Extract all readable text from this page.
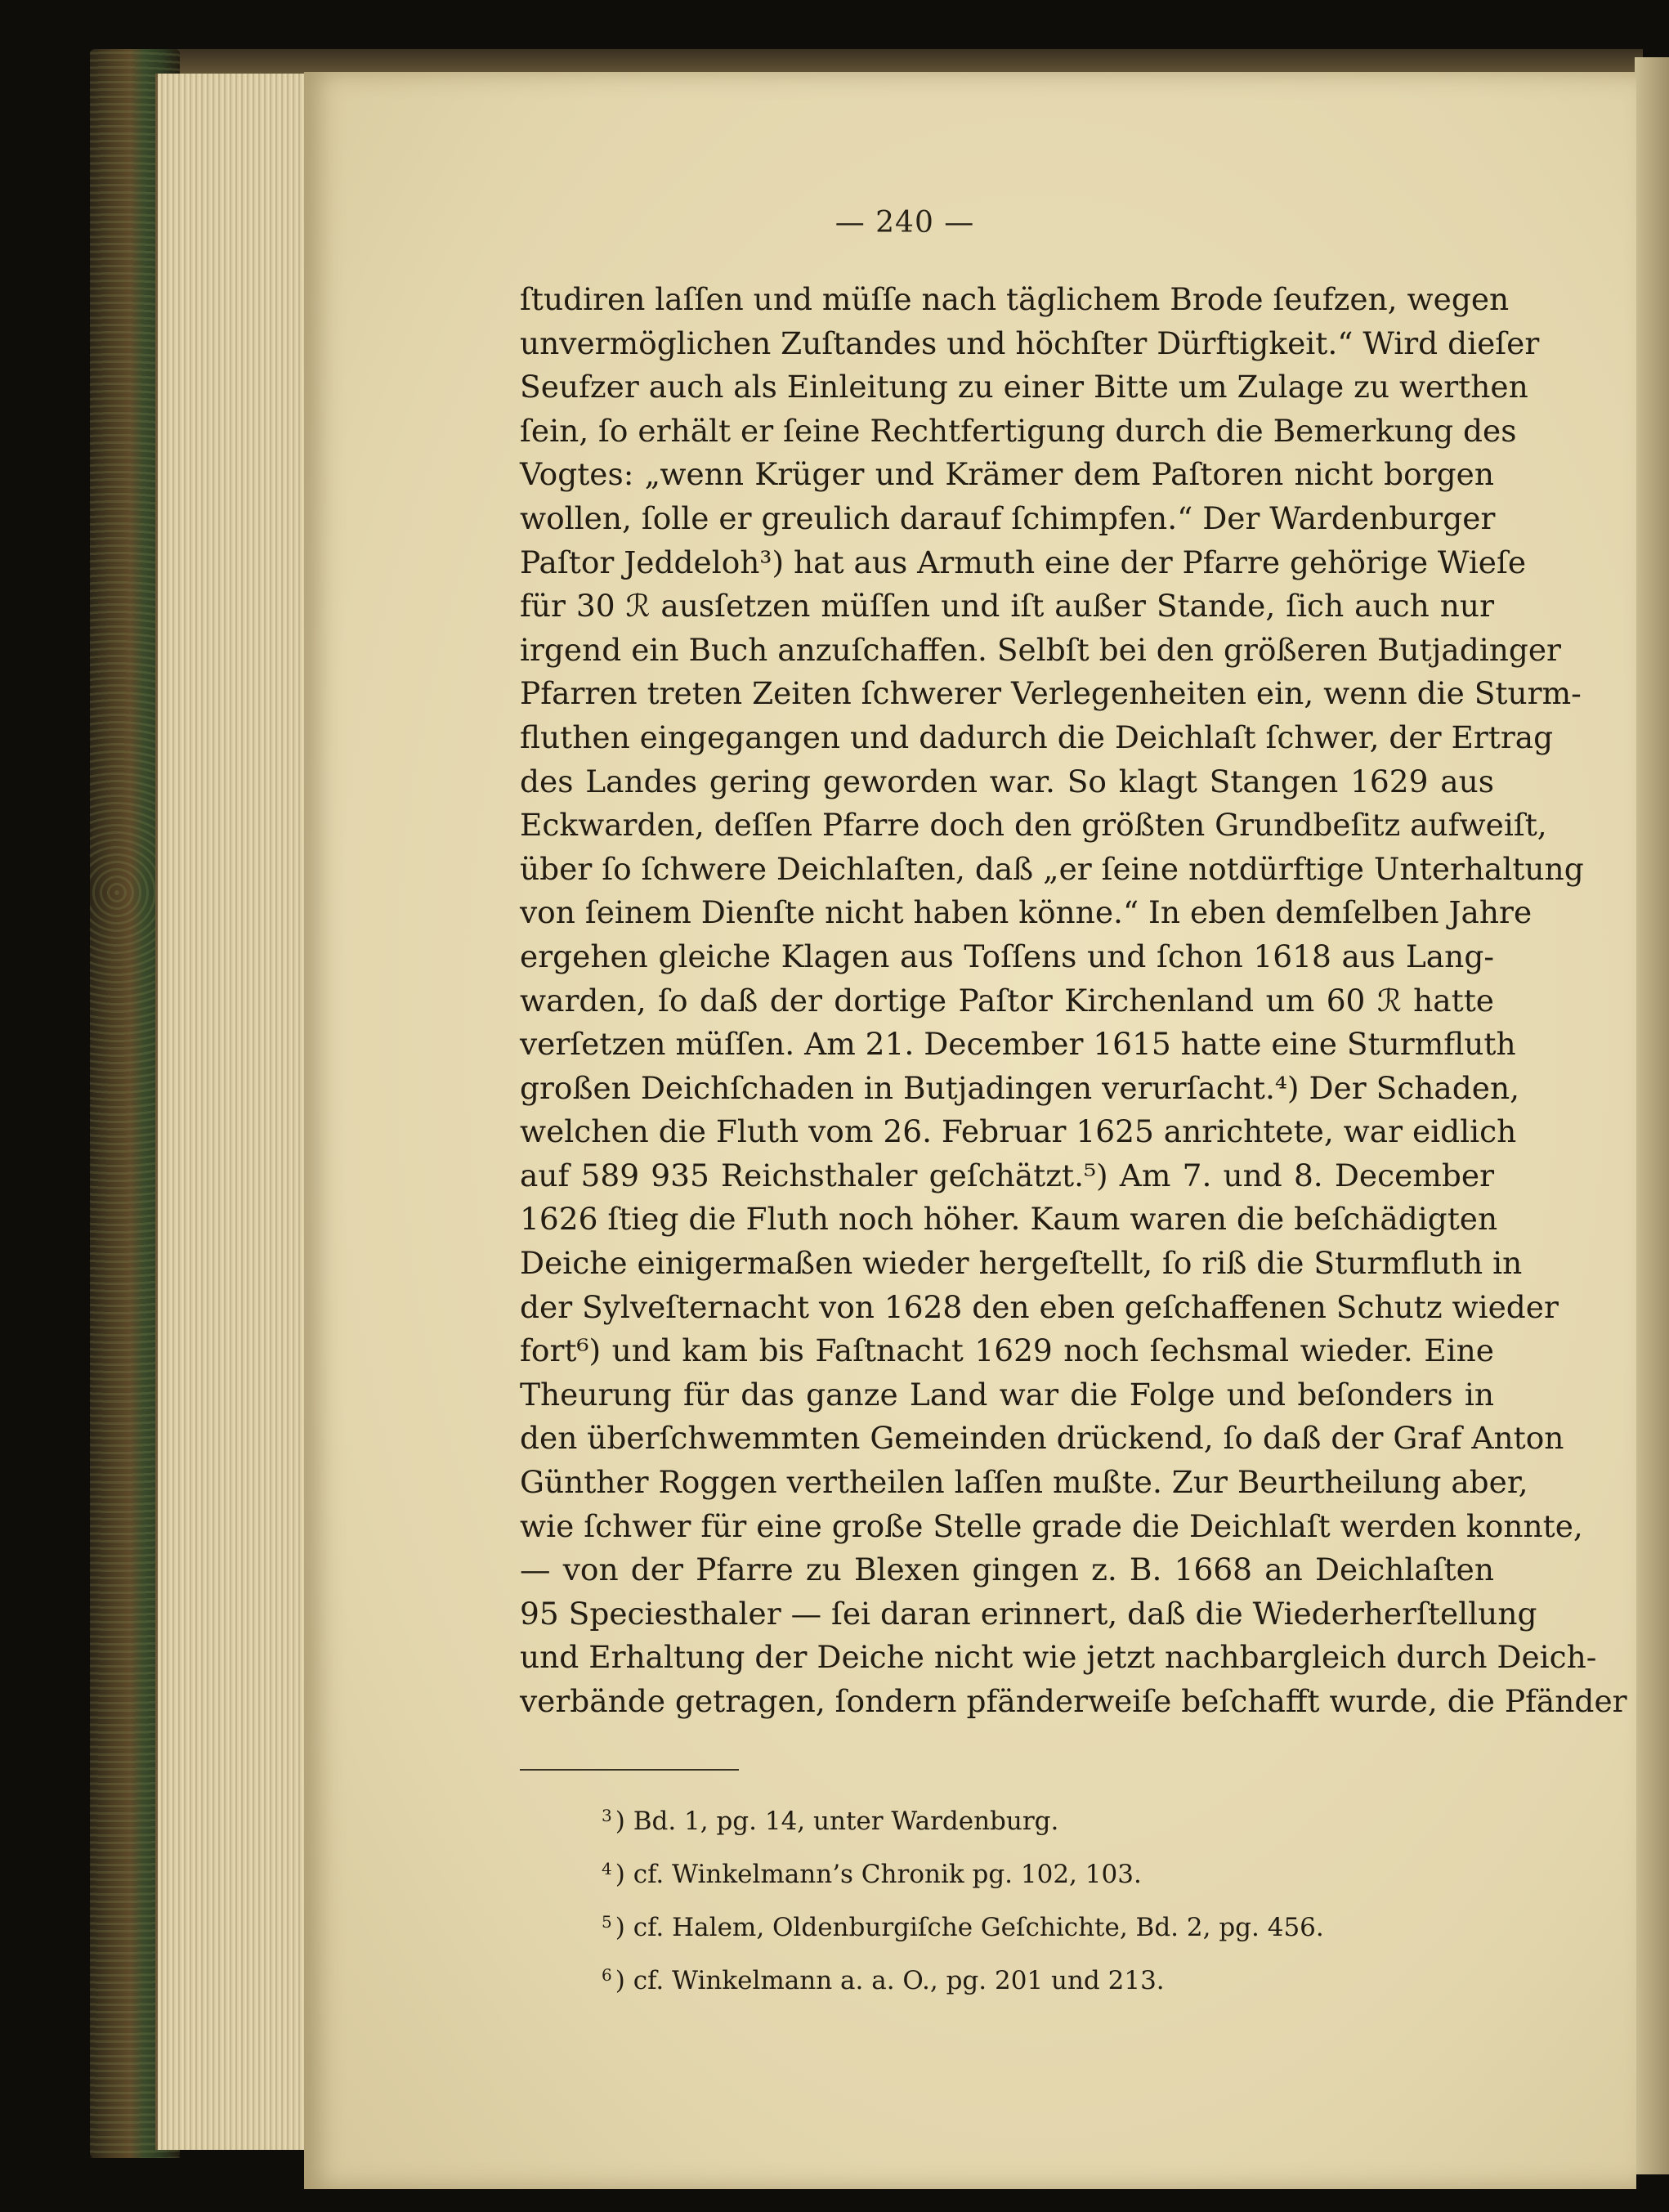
— 240 —
ſtudiren laſſen und müſſe nach täglichem Brode ſeufzen, wegen
unvermöglichen Zuſtandes und höchſter Dürftigkeit.“ Wird dieſer
Seufzer auch als Einleitung zu einer Bitte um Zulage zu werthen
ſein, ſo erhält er ſeine Rechtfertigung durch die Bemerkung des
Vogtes: „wenn Krüger und Krämer dem Paſtoren nicht borgen
wollen, ſolle er greulich darauf ſchimpfen.“ Der Wardenburger
Paſtor Jeddeloh³) hat aus Armuth eine der Pfarre gehörige Wieſe
für 30 ℛ︎ ausſetzen müſſen und iſt außer Stande, ſich auch nur
irgend ein Buch anzuſchaffen. Selbſt bei den größeren Butjadinger
Pfarren treten Zeiten ſchwerer Verlegenheiten ein, wenn die Sturm-
fluthen eingegangen und dadurch die Deichlaſt ſchwer, der Ertrag
des Landes gering geworden war. So klagt Stangen 1629 aus
Eckwarden, deſſen Pfarre doch den größten Grundbeſitz aufweiſt,
über ſo ſchwere Deichlaſten, daß „er ſeine notdürftige Unterhaltung
von ſeinem Dienſte nicht haben könne.“ In eben demſelben Jahre
ergehen gleiche Klagen aus Toſſens und ſchon 1618 aus Lang-
warden, ſo daß der dortige Paſtor Kirchenland um 60 ℛ︎ hatte
verſetzen müſſen. Am 21. December 1615 hatte eine Sturmfluth
großen Deichſchaden in Butjadingen verurſacht.⁴) Der Schaden,
welchen die Fluth vom 26. Februar 1625 anrichtete, war eidlich
auf 589 935 Reichsthaler geſchätzt.⁵) Am 7. und 8. December
1626 ſtieg die Fluth noch höher. Kaum waren die beſchädigten
Deiche einigermaßen wieder hergeſtellt, ſo riß die Sturmfluth in
der Sylveſternacht von 1628 den eben geſchaffenen Schutz wieder
fort⁶) und kam bis Faſtnacht 1629 noch ſechsmal wieder. Eine
Theurung für das ganze Land war die Folge und beſonders in
den überſchwemmten Gemeinden drückend, ſo daß der Graf Anton
Günther Roggen vertheilen laſſen mußte. Zur Beurtheilung aber,
wie ſchwer für eine große Stelle grade die Deichlaſt werden konnte,
— von der Pfarre zu Blexen gingen z. B. 1668 an Deichlaſten
95 Speciesthaler — ſei daran erinnert, daß die Wiederherſtellung
und Erhaltung der Deiche nicht wie jetzt nachbargleich durch Deich-
verbände getragen, ſondern pfänderweiſe beſchafft wurde, die Pfänder
$^3$ ) Bd. 1, pg. 14, unter Wardenburg.
$^4$ ) cf. Winkelmann’s Chronik pg. 102, 103.
$^5$ ) cf. Halem, Oldenburgiſche Geſchichte, Bd. 2, pg. 456.
$^6$ ) cf. Winkelmann a. a. O., pg. 201 und 213.
